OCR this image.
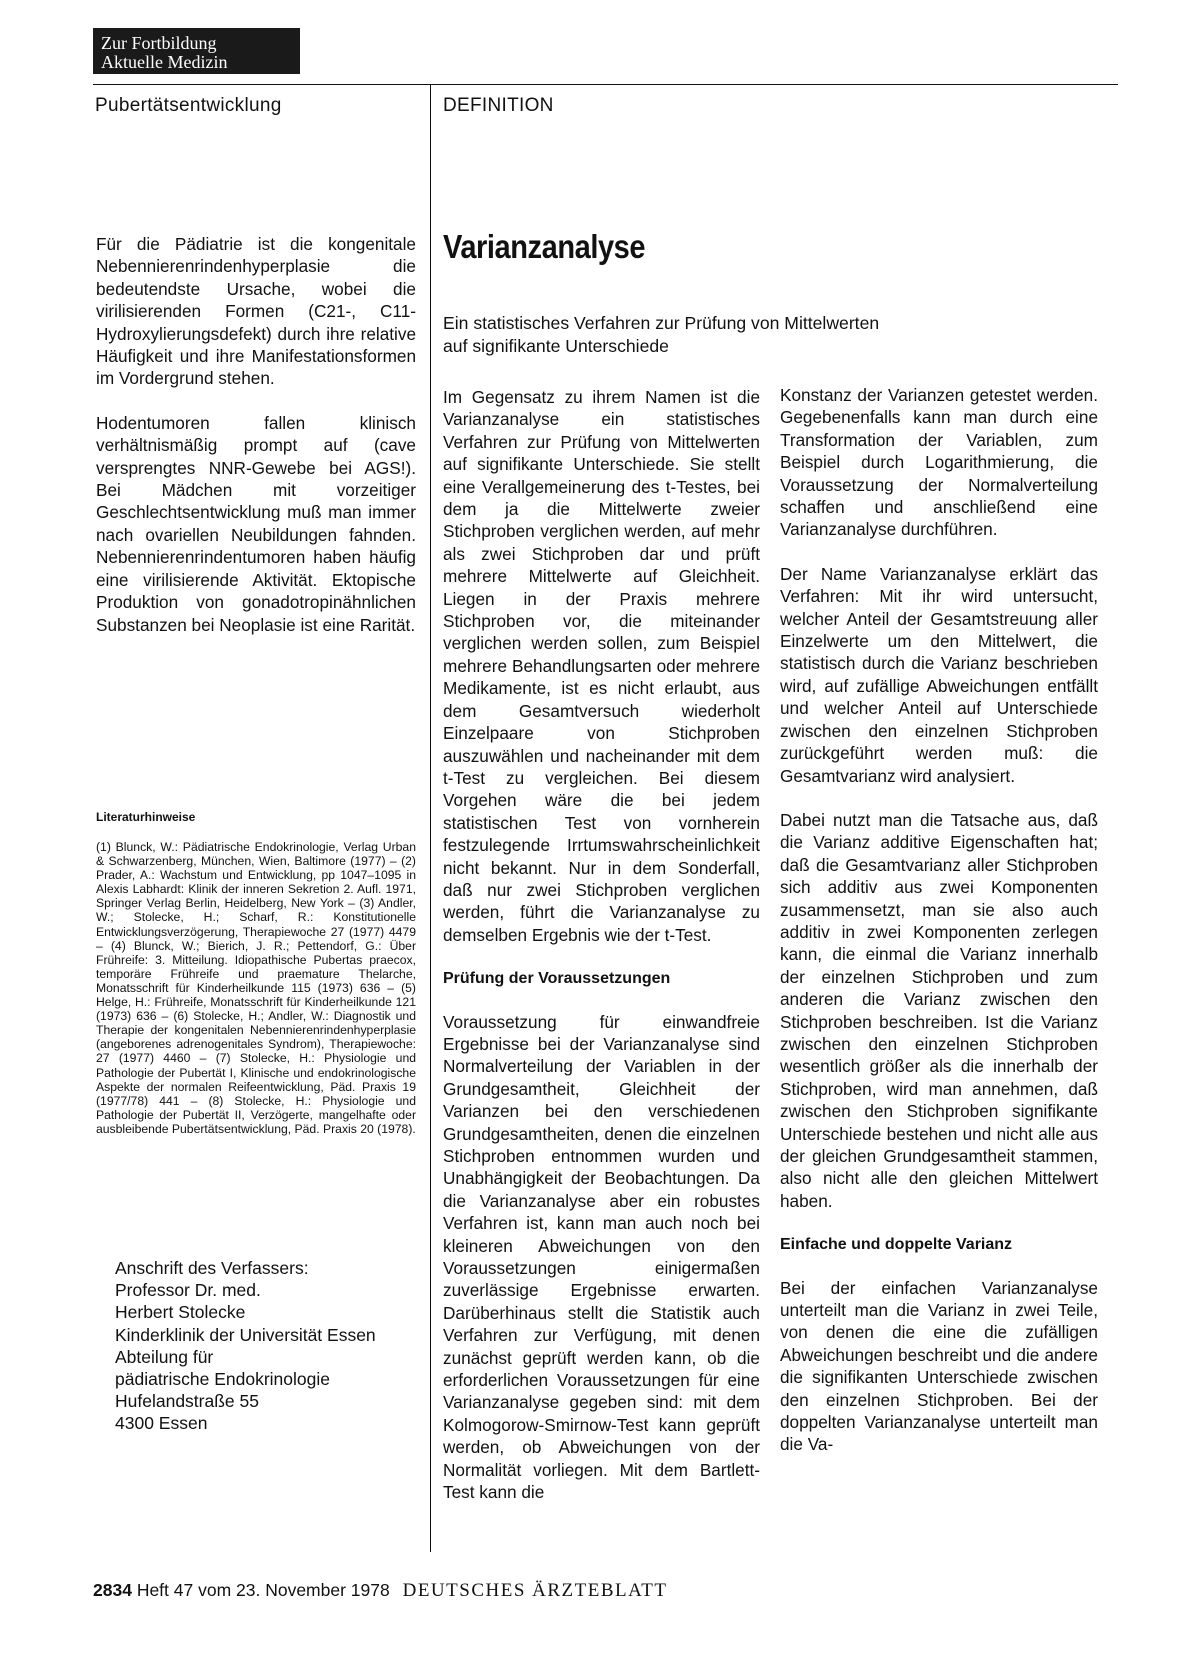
Zur Fortbildung
Aktuelle Medizin
Pubertätsentwicklung	DEFINITION

Für die Pädiatrie ist die kongenitale Nebennierenrindenhyperplasie die bedeutendste Ursache, wobei die virilisierenden Formen (C21-, C11-Hydroxylierungsdefekt) durch ihre relative Häufigkeit und ihre Manifestationsformen im Vordergrund stehen.

Hodentumoren fallen klinisch verhältnismäßig prompt auf (cave versprengtes NNR-Gewebe bei AGS!). Bei Mädchen mit vorzeitiger Geschlechtsentwicklung muß man immer nach ovariellen Neubildungen fahnden. Nebennierenrindentumoren haben häufig eine virilisierende Aktivität. Ektopische Produktion von gonadotropinähnlichen Substanzen bei Neoplasie ist eine Rarität.

Literaturhinweise
(1) Blunck, W.: Pädiatrische Endokrinologie, Verlag Urban & Schwarzenberg, München, Wien, Baltimore (1977) – (2) Prader, A.: Wachstum und Entwicklung, pp 1047–1095 in Alexis Labhardt: Klinik der inneren Sekretion 2. Aufl. 1971, Springer Verlag Berlin, Heidelberg, New York – (3) Andler, W.; Stolecke, H.; Scharf, R.: Konstitutionelle Entwicklungsverzögerung, Therapiewoche 27 (1977) 4479 – (4) Blunck, W.; Bierich, J. R.; Pettendorf, G.: Über Frühreife: 3. Mitteilung. Idiopathische Pubertas praecox, temporäre Frühreife und praemature Thelarche, Monatsschrift für Kinderheilkunde 115 (1973) 636 – (5) Helge, H.: Frühreife, Monatsschrift für Kinderheilkunde 121 (1973) 636 – (6) Stolecke, H.; Andler, W.: Diagnostik und Therapie der kongenitalen Nebennierenrindenhyperplasie (angeborenes adrenogenitales Syndrom), Therapiewoche: 27 (1977) 4460 – (7) Stolecke, H.: Physiologie und Pathologie der Pubertät I, Klinische und endokrinologische Aspekte der normalen Reifeentwicklung, Päd. Praxis 19 (1977/78) 441 – (8) Stolecke, H.: Physiologie und Pathologie der Pubertät II, Verzögerte, mangelhafte oder ausbleibende Pubertätsentwicklung, Päd. Praxis 20 (1978).
Anschrift des Verfassers:
Professor Dr. med.
Herbert Stolecke
Kinderklinik der Universität Essen
Abteilung für
pädiatrische Endokrinologie
Hufelandstraße 55
4300 Essen
Varianzanalyse
Ein statistisches Verfahren zur Prüfung von Mittelwerten
auf signifikante Unterschiede

Im Gegensatz zu ihrem Namen ist die Varianzanalyse ein statistisches Verfahren zur Prüfung von Mittelwerten auf signifikante Unterschiede. Sie stellt eine Verallgemeinerung des t-Testes, bei dem ja die Mittelwerte zweier Stichproben verglichen werden, auf mehr als zwei Stichproben dar und prüft mehrere Mittelwerte auf Gleichheit. Liegen in der Praxis mehrere Stichproben vor, die miteinander verglichen werden sollen, zum Beispiel mehrere Behandlungsarten oder mehrere Medikamente, ist es nicht erlaubt, aus dem Gesamtversuch wiederholt Einzelpaare von Stichproben auszuwählen und nacheinander mit dem t-Test zu vergleichen. Bei diesem Vorgehen wäre die bei jedem statistischen Test von vornherein festzulegende Irrtumswahrscheinlichkeit nicht bekannt. Nur in dem Sonderfall, daß nur zwei Stichproben verglichen werden, führt die Varianzanalyse zu demselben Ergebnis wie der t-Test.

Prüfung der Voraussetzungen

Voraussetzung für einwandfreie Ergebnisse bei der Varianzanalyse sind Normalverteilung der Variablen in der Grundgesamtheit, Gleichheit der Varianzen bei den verschiedenen Grundgesamtheiten, denen die einzelnen Stichproben entnommen wurden und Unabhängigkeit der Beobachtungen. Da die Varianzanalyse aber ein robustes Verfahren ist, kann man auch noch bei kleineren Abweichungen von den Voraussetzungen einigermaßen zuverlässige Ergebnisse erwarten. Darüberhinaus stellt die Statistik auch Verfahren zur Verfügung, mit denen zunächst geprüft werden kann, ob die erforderlichen Voraussetzungen für eine Varianzanalyse gegeben sind: mit dem Kolmogorow-Smirnow-Test kann geprüft werden, ob Abweichungen von der Normalität vorliegen. Mit dem Bartlett-Test kann die

Konstanz der Varianzen getestet werden. Gegebenenfalls kann man durch eine Transformation der Variablen, zum Beispiel durch Logarithmierung, die Voraussetzung der Normalverteilung schaffen und anschließend eine Varianzanalyse durchführen.

Der Name Varianzanalyse erklärt das Verfahren: Mit ihr wird untersucht, welcher Anteil der Gesamtstreuung aller Einzelwerte um den Mittelwert, die statistisch durch die Varianz beschrieben wird, auf zufällige Abweichungen entfällt und welcher Anteil auf Unterschiede zwischen den einzelnen Stichproben zurückgeführt werden muß: die Gesamtvarianz wird analysiert.

Dabei nutzt man die Tatsache aus, daß die Varianz additive Eigenschaften hat; daß die Gesamtvarianz aller Stichproben sich additiv aus zwei Komponenten zusammensetzt, man sie also auch additiv in zwei Komponenten zerlegen kann, die einmal die Varianz innerhalb der einzelnen Stichproben und zum anderen die Varianz zwischen den Stichproben beschreiben. Ist die Varianz zwischen den einzelnen Stichproben wesentlich größer als die innerhalb der Stichproben, wird man annehmen, daß zwischen den Stichproben signifikante Unterschiede bestehen und nicht alle aus der gleichen Grundgesamtheit stammen, also nicht alle den gleichen Mittelwert haben.

Einfache und doppelte Varianz

Bei der einfachen Varianzanalyse unterteilt man die Varianz in zwei Teile, von denen die eine die zufälligen Abweichungen beschreibt und die andere die signifikanten Unterschiede zwischen den einzelnen Stichproben. Bei der doppelten Varianzanalyse unterteilt man die Va-

2834 Heft 47 vom 23. November 1978 DEUTSCHES ÄRZTEBLATT
